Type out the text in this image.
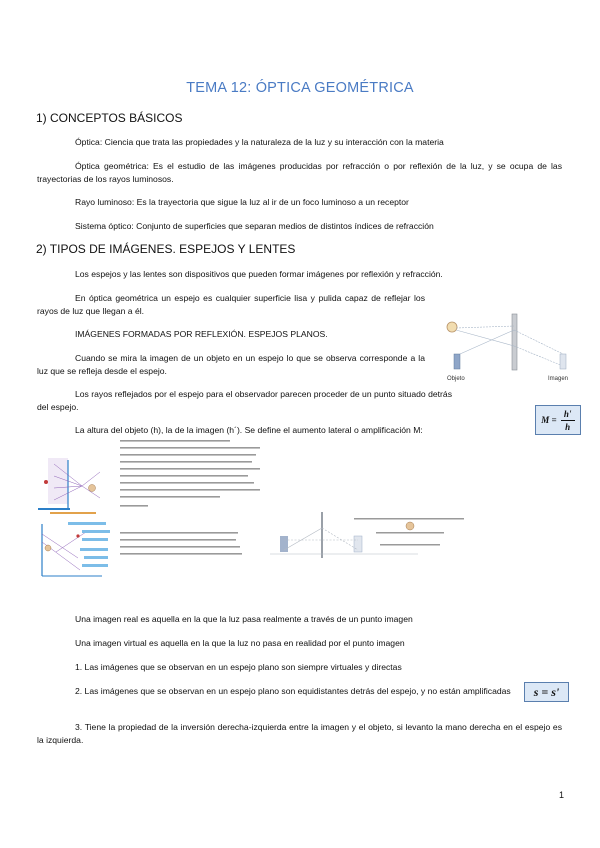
TEMA 12: ÓPTICA GEOMÉTRICA
1) CONCEPTOS BÁSICOS
Óptica: Ciencia que trata las propiedades y la naturaleza de la luz y su interacción con la materia
Óptica geométrica: Es el estudio de las imágenes producidas por refracción o por reflexión de la luz, y se ocupa de las trayectorias de los rayos luminosos.
Rayo luminoso: Es la trayectoria que sigue la luz al ir de un foco luminoso a un receptor
Sistema óptico: Conjunto de superficies que separan medios de distintos índices de refracción
2) TIPOS DE IMÁGENES. ESPEJOS Y LENTES
Los espejos y las lentes son dispositivos que pueden formar imágenes por reflexión y refracción.
En óptica geométrica un espejo es cualquier superficie lisa y pulida capaz de reflejar los rayos de luz que llegan a él.
IMÁGENES FORMADAS POR REFLEXIÓN. ESPEJOS PLANOS.
Cuando se mira la imagen de un objeto en un espejo lo que se observa corresponde a la luz que se refleja desde el espejo.
Los rayos reflejados por el espejo para el observador parecen proceder de un punto situado detrás del espejo.
La altura del objeto (h), la de la imagen (h´). Se define el aumento lateral o amplificación M:
Objeto	Imagen
$M = \frac{h'}{h}$
Una imagen real es aquella en la que la luz pasa realmente a través de un punto imagen
Una imagen virtual es aquella en la que la luz no pasa en realidad por el punto imagen
1. Las imágenes que se observan en un espejo plano son siempre virtuales y directas
2. Las imágenes que se observan en un espejo plano son equidistantes detrás del espejo, y no están amplificadas	s = s'
3. Tiene la propiedad de la inversión derecha-izquierda entre la imagen y el objeto, si levanto la mano derecha en el espejo es la izquierda.
1
